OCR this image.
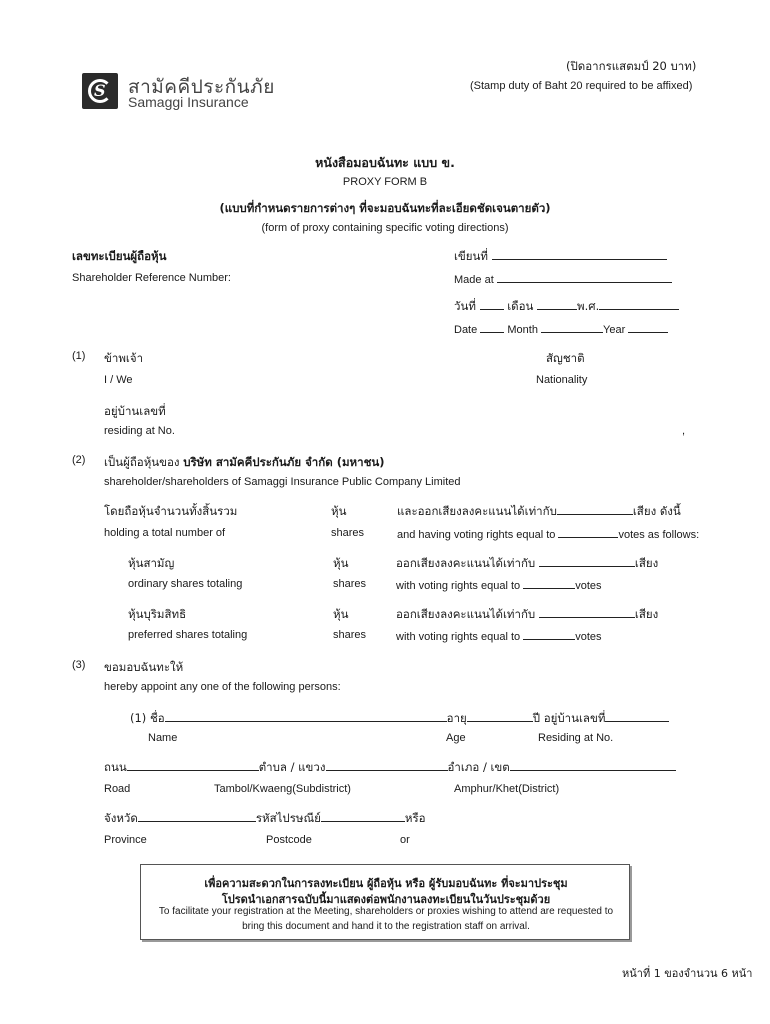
(ปิดอากรแสตมป์ 20 บาท)
(Stamp duty of Baht 20 required to be affixed)
S สามัคคีประกันภัย
Samaggi Insurance
หนังสือมอบฉันทะ แบบ ข.
PROXY FORM B
(แบบที่กำหนดรายการต่างๆ ที่จะมอบฉันทะที่ละเอียดชัดเจนตายตัว)
(form of proxy containing specific voting directions)
เลขทะเบียนผู้ถือหุ้น
Shareholder Reference Number:
เขียนที่
Made at
วันที่	เดือน	พ.ศ.
Date	Month	Year
(1) ข้าพเจ้า
I / We
สัญชาติ
Nationality
อยู่บ้านเลขที่
residing at No.	,
(2) เป็นผู้ถือหุ้นของ บริษัท สามัคคีประกันภัย จำกัด (มหาชน)
shareholder/shareholders of Samaggi Insurance Public Company Limited
โดยถือหุ้นจำนวนทั้งสิ้นรวม
holding a total number of
หุ้น
shares
และออกเสียงลงคะแนนได้เท่ากับ	เสียง ดังนี้
and having voting rights equal to	votes as follows:
หุ้นสามัญ
ordinary shares totaling
หุ้น
shares
ออกเสียงลงคะแนนได้เท่ากับ	เสียง
with voting rights equal to	votes
หุ้นบุริมสิทธิ
preferred shares totaling
หุ้น
shares
ออกเสียงลงคะแนนได้เท่ากับ	เสียง
with voting rights equal to	votes
(3) ขอมอบฉันทะให้
hereby appoint any one of the following persons:
(1) ชื่อ	อายุ	ปี อยู่บ้านเลขที่
Name	Age	Residing at No.
ถนน	ตำบล / แขวง	อำเภอ / เขต
Road	Tambol/Kwaeng(Subdistrict)	Amphur/Khet(District)
จังหวัด	รหัสไปรษณีย์	หรือ
Province	Postcode	or
เพื่อความสะดวกในการลงทะเบียน ผู้ถือหุ้น หรือ ผู้รับมอบฉันทะ ที่จะมาประชุม
โปรดนำเอกสารฉบับนี้มาแสดงต่อพนักงานลงทะเบียนในวันประชุมด้วย
To facilitate your registration at the Meeting, shareholders or proxies wishing to attend are requested to
bring this document and hand it to the registration staff on arrival.
หน้าที่ 1 ของจำนวน 6 หน้า
